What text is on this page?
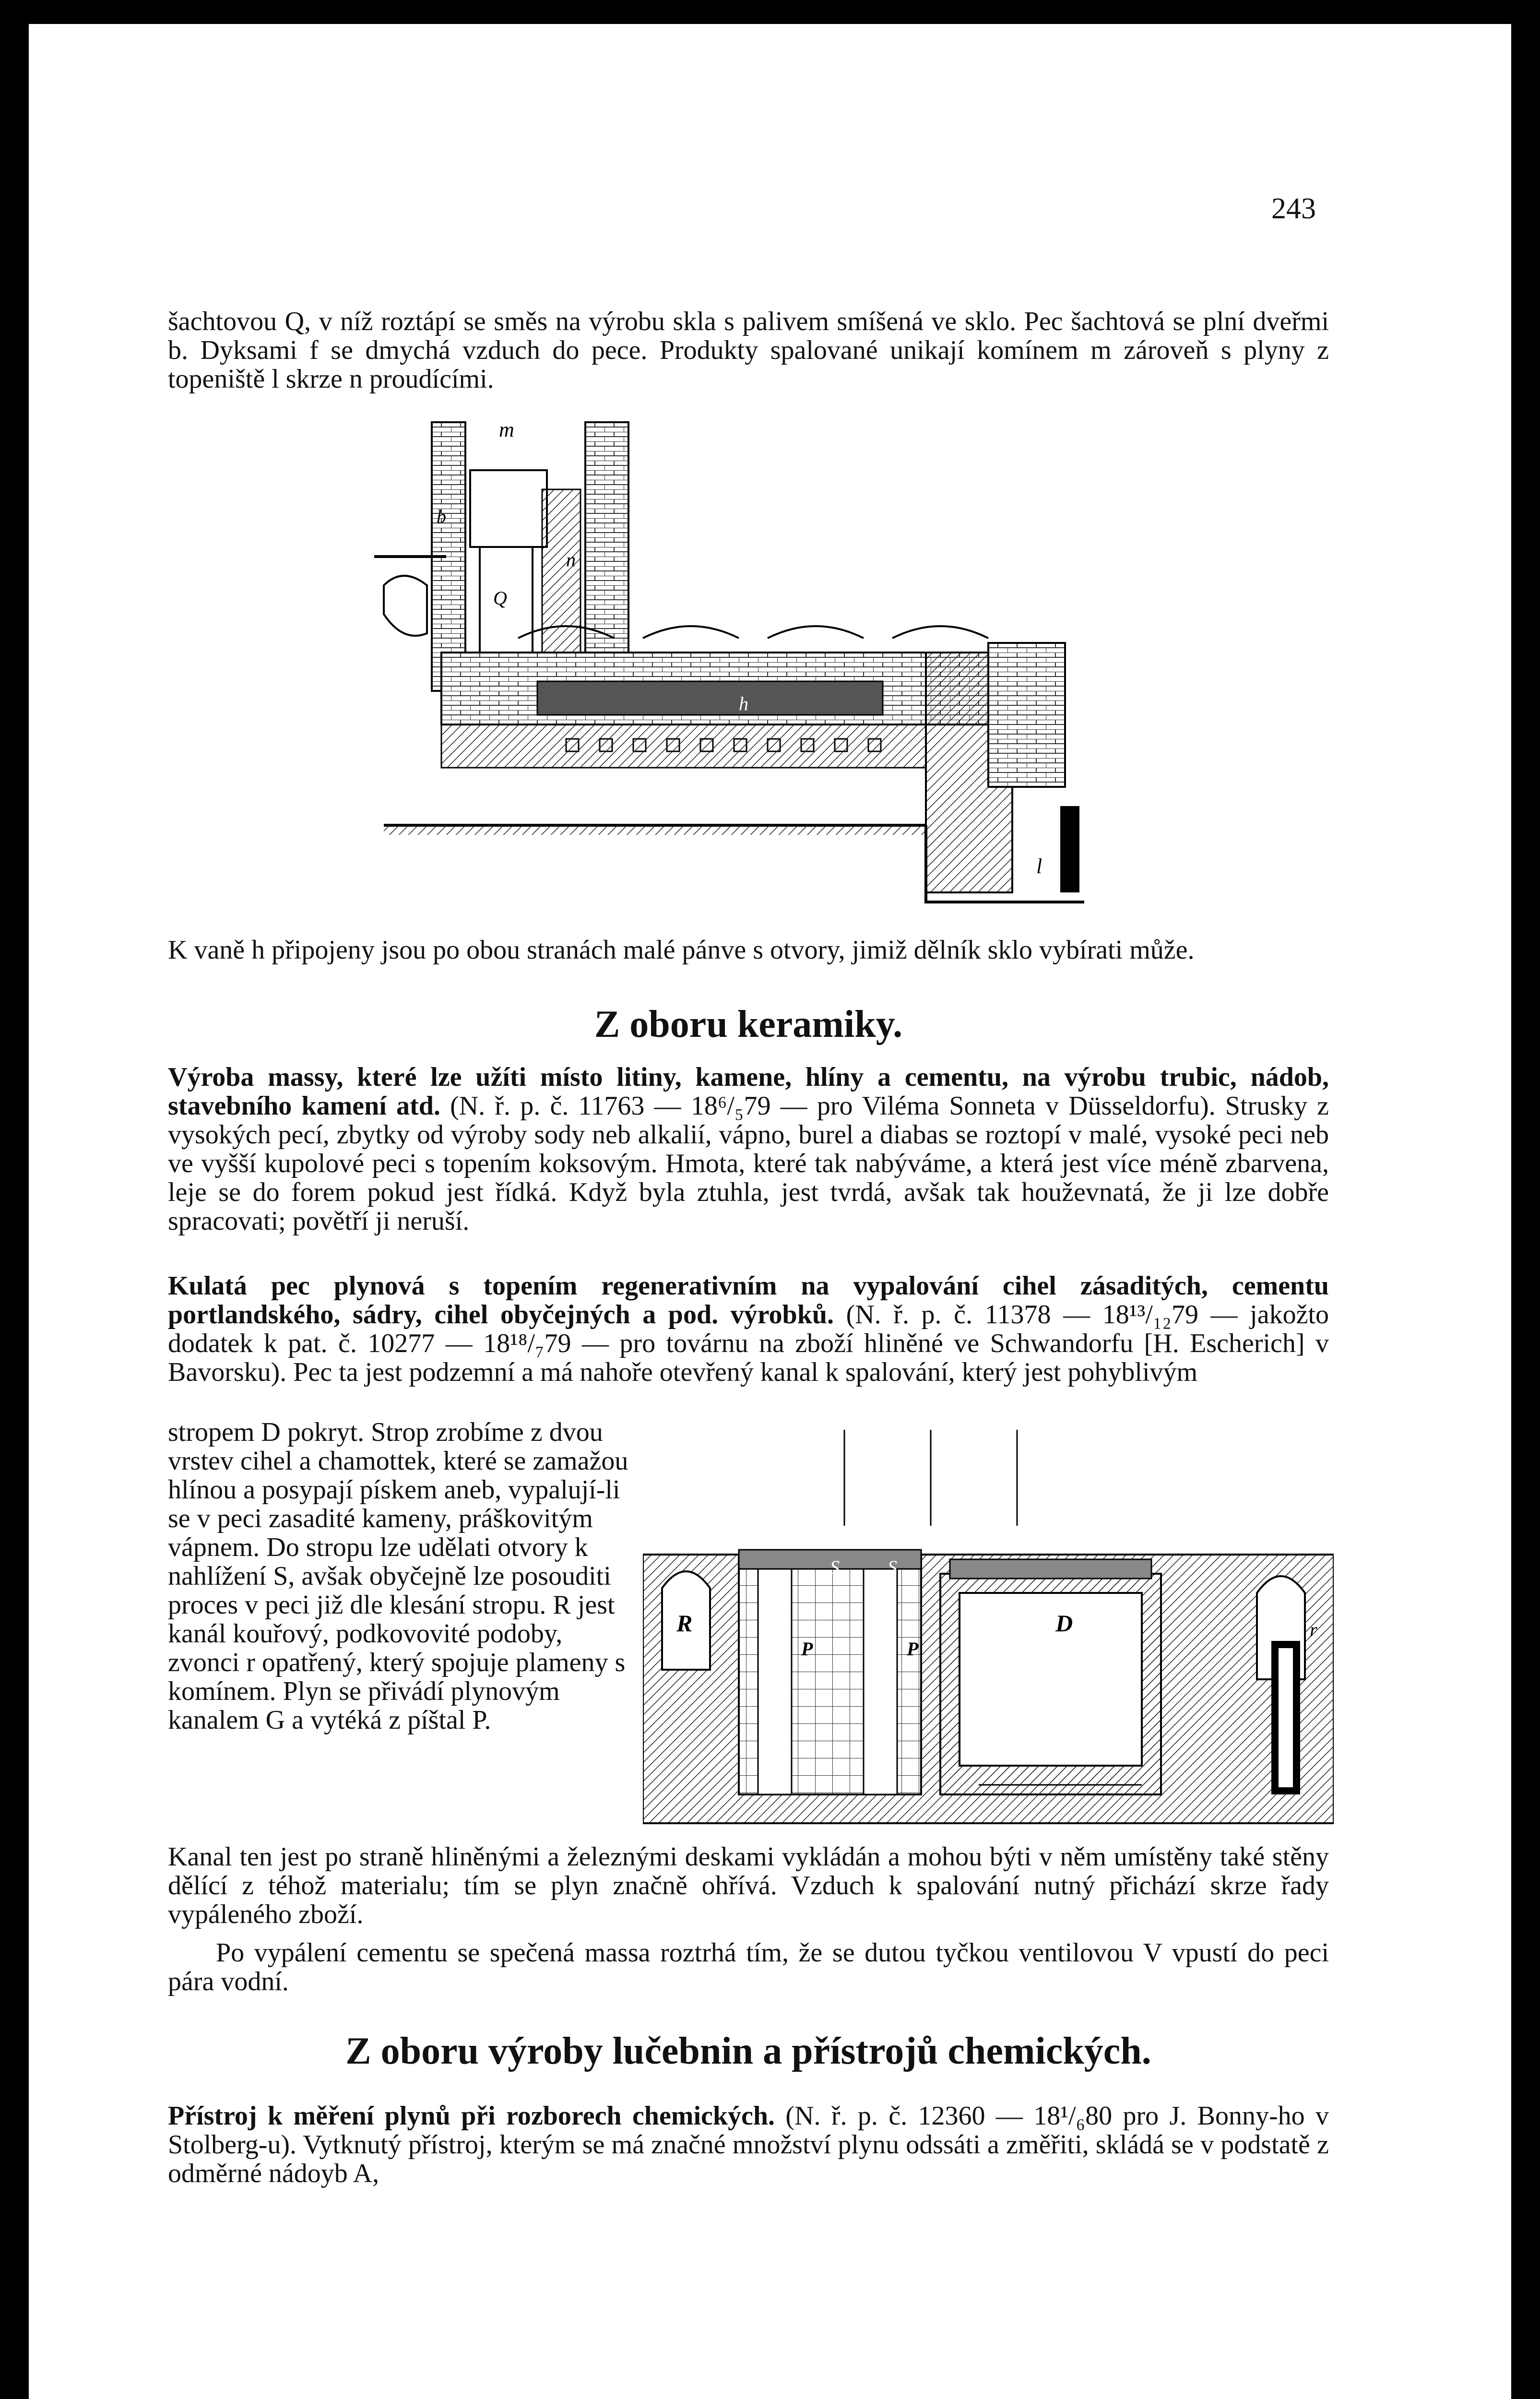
243

šachtovou Q, v níž roztápí se směs na výrobu skla s palivem smíšená ve sklo. Pec šachtová se plní dveřmi b. Dyksami f se dmychá vzduch do pece. Produkty spalované unikají komínem m zároveň s plyny z topeniště l skrze n proudícími.

m
b
Q
n
h
l

K vaně h připojeny jsou po obou stranách malé pánve s otvory, jimiž dělník sklo vybírati může.

Z oboru keramiky.

Výroba massy, které lze užíti místo litiny, kamene, hlíny a cementu, na výrobu trubic, nádob, stavebního kamení atd. (N. ř. p. č. 11763 — 18⁶/₅79 — pro Viléma Sonneta v Düsseldorfu). Strusky z vysokých pecí, zbytky od výroby sody neb alkalií, vápno, burel a diabas se roztopí v malé, vysoké peci neb ve vyšší kupolové peci s topením koksovým. Hmota, které tak nabýváme, a která jest více méně zbarvena, leje se do forem pokud jest řídká. Když byla ztuhla, jest tvrdá, avšak tak houževnatá, že ji lze dobře spracovati; povětří ji neruší.

Kulatá pec plynová s topením regenerativním na vypalování cihel zásaditých, cementu portlandského, sádry, cihel obyčejných a pod. výrobků. (N. ř. p. č. 11378 — 18¹³/₁₂79 — jakožto dodatek k pat. č. 10277 — 18¹⁸/₇79 — pro továrnu na zboží hliněné ve Schwandorfu [H. Escherich] v Bavorsku). Pec ta jest podzemní a má nahoře otevřený kanal k spalování, který jest pohyblivým

stropem D pokryt. Strop zrobíme z dvou vrstev cihel a chamottek, které se zamažou hlínou a posypají pískem aneb, vypalují-li se v peci zasadité kameny, práškovitým vápnem. Do stropu lze udělati otvory k nahlížení S, avšak obyčejně lze posouditi proces v peci již dle klesání stropu. R jest kanál kouřový, podkovovité podoby, zvonci r opatřený, který spojuje plameny s komínem. Plyn se přivádí plynovým kanalem G a vytéká z píštal P.

S	S
R
P	P
D	r

Kanal ten jest po straně hliněnými a železnými deskami vykládán a mohou býti v něm umístěny také stěny dělící z téhož materialu; tím se plyn značně ohřívá. Vzduch k spalování nutný přichází skrze řady vypáleného zboží.

Po vypálení cementu se spečená massa roztrhá tím, že se dutou tyčkou ventilovou V vpustí do peci pára vodní.

Z oboru výroby lučebnin a přístrojů chemických.

Přístroj k měření plynů při rozborech chemických. (N. ř. p. č. 12360 — 18¹/₆80 pro J. Bonny-ho v Stolberg-u). Vytknutý přístroj, kterým se má značné množství plynu odssáti a změřiti, skládá se v podstatě z odměrné nádoyb A,
